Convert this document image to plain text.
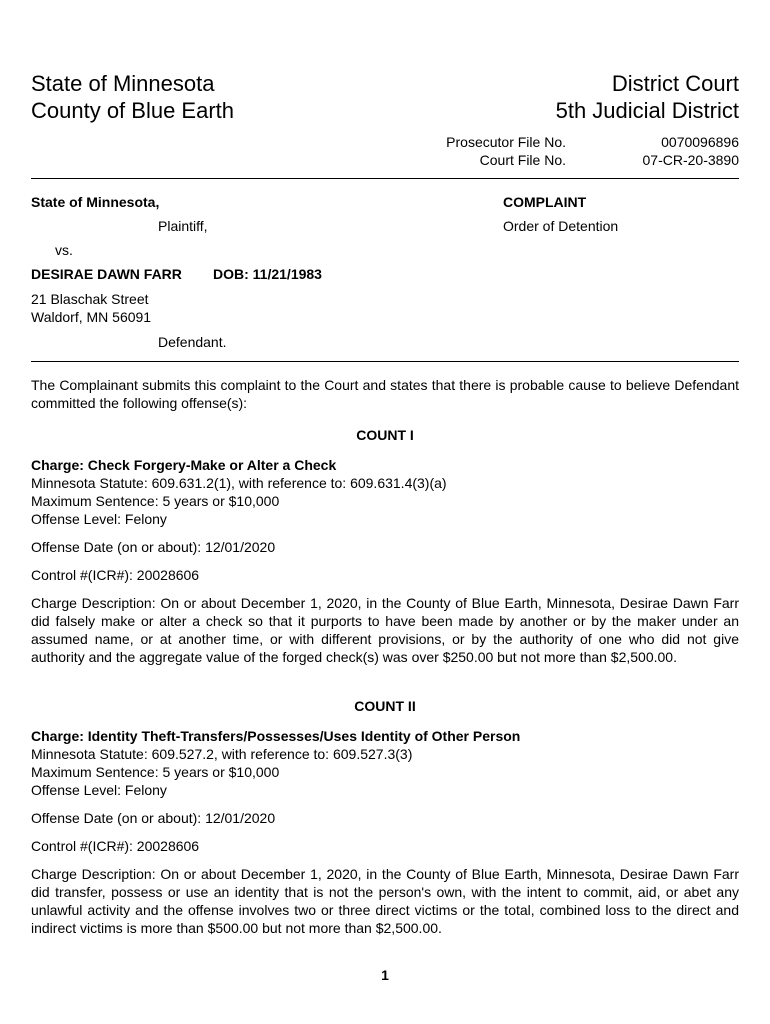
State of Minnesota
County of Blue Earth
District Court
5th Judicial District
Prosecutor File No.	0070096896
Court File No.	07-CR-20-3890
State of Minnesota,
Plaintiff,
vs.
DESIRAE DAWN FARR DOB: 11/21/1983
21 Blaschak Street
Waldorf, MN 56091
Defendant.
COMPLAINT
Order of Detention
The Complainant submits this complaint to the Court and states that there is probable cause to believe Defendant committed the following offense(s):
COUNT I
Charge: Check Forgery-Make or Alter a Check
Minnesota Statute: 609.631.2(1), with reference to: 609.631.4(3)(a)
Maximum Sentence: 5 years or $10,000
Offense Level: Felony
Offense Date (on or about): 12/01/2020
Control #(ICR#): 20028606
Charge Description: On or about December 1, 2020, in the County of Blue Earth, Minnesota, Desirae Dawn Farr did falsely make or alter a check so that it purports to have been made by another or by the maker under an assumed name, or at another time, or with different provisions, or by the authority of one who did not give authority and the aggregate value of the forged check(s) was over $250.00 but not more than $2,500.00.
COUNT II
Charge: Identity Theft-Transfers/Possesses/Uses Identity of Other Person
Minnesota Statute: 609.527.2, with reference to: 609.527.3(3)
Maximum Sentence: 5 years or $10,000
Offense Level: Felony
Offense Date (on or about): 12/01/2020
Control #(ICR#): 20028606
Charge Description: On or about December 1, 2020, in the County of Blue Earth, Minnesota, Desirae Dawn Farr did transfer, possess or use an identity that is not the person's own, with the intent to commit, aid, or abet any unlawful activity and the offense involves two or three direct victims or the total, combined loss to the direct and indirect victims is more than $500.00 but not more than $2,500.00.
1
